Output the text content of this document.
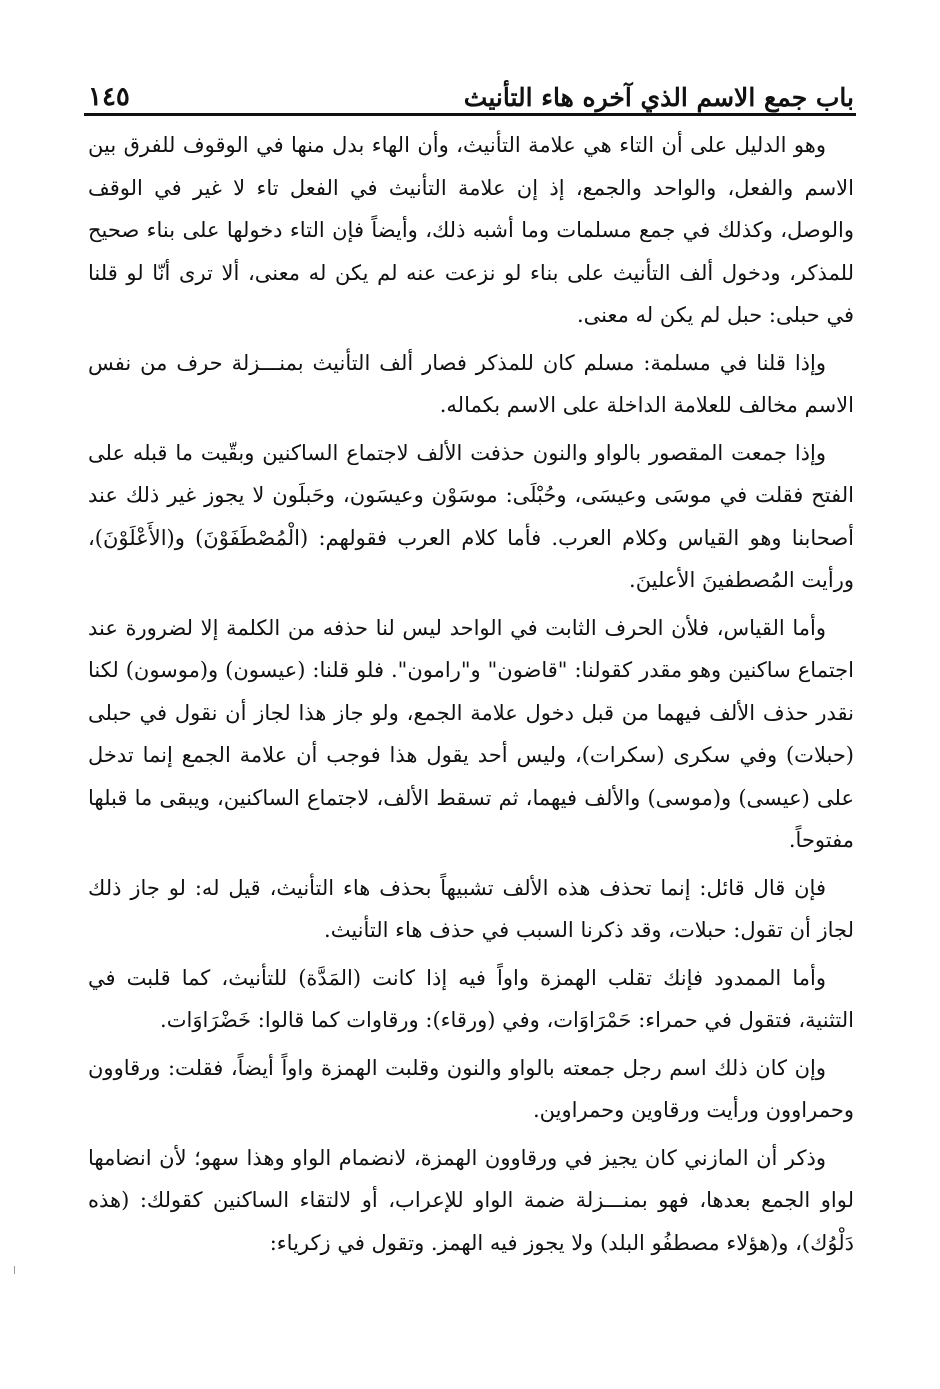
باب جمع الاسم الذي آخره هاء التأنيث
١٤٥

وهو الدليل على أن التاء هي علامة التأنيث، وأن الهاء بدل منها في الوقوف للفرق بين الاسم والفعل، والواحد والجمع، إذ إن علامة التأنيث في الفعل تاء لا غير في الوقف والوصل، وكذلك في جمع مسلمات وما أشبه ذلك، وأيضاً فإن التاء دخولها على بناء صحيح للمذكر، ودخول ألف التأنيث على بناء لو نزعت عنه لم يكن له معنى، ألا ترى أنّا لو قلنا في حبلى: حبل لم يكن له معنى.

وإذا قلنا في مسلمة: مسلم كان للمذكر فصار ألف التأنيث بمنـــزلة حرف من نفس الاسم مخالف للعلامة الداخلة على الاسم بكماله.

وإذا جمعت المقصور بالواو والنون حذفت الألف لاجتماع الساكنين وبقّيت ما قبله على الفتح فقلت في موسَى وعيسَى، وحُبْلَى: موسَوْن وعيسَون، وحَبلَون لا يجوز غير ذلك عند أصحابنا وهو القياس وكلام العرب. فأما كلام العرب فقولهم: (الْمُصْطَفَوْنَ) و(الأَعْلَوْنَ)، ورأيت المُصطفينَ الأعلينَ.

وأما القياس، فلأن الحرف الثابت في الواحد ليس لنا حذفه من الكلمة إلا لضرورة عند اجتماع ساكنين وهو مقدر كقولنا: "قاضون" و"رامون". فلو قلنا: (عيسون) و(موسون) لكنا نقدر حذف الألف فيهما من قبل دخول علامة الجمع، ولو جاز هذا لجاز أن نقول في حبلى (حبلات) وفي سكرى (سكرات)، وليس أحد يقول هذا فوجب أن علامة الجمع إنما تدخل على (عيسى) و(موسى) والألف فيهما، ثم تسقط الألف، لاجتماع الساكنين، ويبقى ما قبلها مفتوحاً.

فإن قال قائل: إنما تحذف هذه الألف تشبيهاً بحذف هاء التأنيث، قيل له: لو جاز ذلك لجاز أن تقول: حبلات، وقد ذكرنا السبب في حذف هاء التأنيث.

وأما الممدود فإنك تقلب الهمزة واواً فيه إذا كانت (المَدَّة) للتأنيث، كما قلبت في التثنية، فتقول في حمراء: حَمْرَاوَات، وفي (ورقاء): ورقاوات كما قالوا: خَضْرَاوَات.

وإن كان ذلك اسم رجل جمعته بالواو والنون وقلبت الهمزة واواً أيضاً، فقلت: ورقاوون وحمراوون ورأيت ورقاوين وحمراوين.

وذكر أن المازني كان يجيز في ورقاوون الهمزة، لانضمام الواو وهذا سهو؛ لأن انضامها لواو الجمع بعدها، فهو بمنـــزلة ضمة الواو للإعراب، أو لالتقاء الساكنين كقولك: (هذه دَلْوُك)، و(هؤلاء مصطفُو البلد) ولا يجوز فيه الهمز. وتقول في زكرياء:
